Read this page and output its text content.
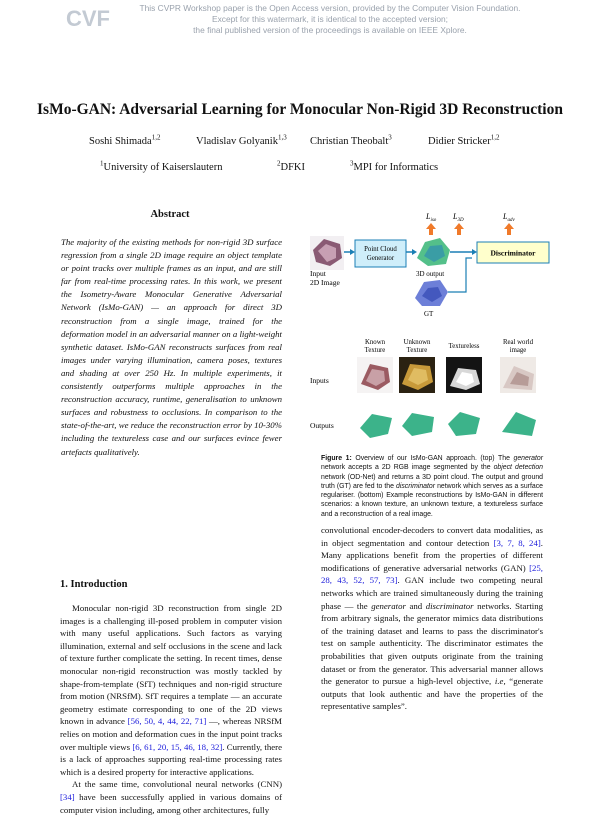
CVF	This CVPR Workshop paper is the Open Access version, provided by the Computer Vision Foundation.
Except for this watermark, it is identical to the accepted version;
the final published version of the proceedings is available on IEEE Xplore.
IsMo-GAN: Adversarial Learning for Monocular Non-Rigid 3D Reconstruction
Soshi Shimada$^{1,2}$	Vladislav Golyanik$^{1,3}$ Christian Theobalt$^3$	Didier Stricker$^{1,2}$
$^1$ University of Kaiserslautern	$^2$ DFKI	$^3$ MPI for Informatics
Abstract
The majority of the existing methods for non-rigid 3D surface regression from a single 2D image require an object template or point tracks over multiple frames as an input, and are still far from real-time processing rates. In this work, we present the Isometry-Aware Monocular Generative Adversarial Network (IsMo-GAN) — an approach for direct 3D reconstruction from a single image, trained for the deformation model in an adversarial manner on a light-weight synthetic dataset. IsMo-GAN reconstructs surfaces from real images under varying illumination, camera poses, textures and shading at over 250 Hz. In multiple experiments, it consistently outperforms multiple approaches in the reconstruction accuracy, runtime, generalisation to unknown surfaces and robustness to occlusions. In comparison to the state-of-the-art, we reduce the reconstruction error by 10-30% including the textureless case and our surfaces evince fewer artefacts qualitatively.
1. Introduction

Monocular non-rigid 3D reconstruction from single 2D images is a challenging ill-posed problem in computer vision with many useful applications. Such factors as varying illumination, external and self occlusions in the scene and lack of texture further complicate the setting. In recent times, dense monocular non-rigid reconstruction was mostly tackled by shape-from-template (SfT) techniques and non-rigid structure from motion (NRSfM). SfT requires a template — an accurate geometry estimate corresponding to one of the 2D views known in advance [56, 50, 4, 44, 22, 71] —, whereas NRSfM relies on motion and deformation cues in the input point tracks over multiple views [6, 61, 20, 15, 46, 18, 32]. Currently, there is a lack of approaches supporting real-time processing rates which is a desired property for interactive applications.

At the same time, convolutional neural networks (CNN) [34] have been successfully applied in various domains of computer vision including, among other architectures, fully

convolutional encoder-decoders to convert data modalities, as in object segmentation and contour detection [3, 7, 8, 24]. Many applications benefit from the properties of different modifications of generative adversarial networks (GAN) [25, 28, 43, 52, 57, 73]. GAN include two competing neural networks which are trained simultaneously during the training phase — the generator and discriminator networks. Starting from arbitrary signals, the generator mimics data distributions of the training dataset and learns to pass the discriminator's test on sample authenticity. The discriminator estimates the probabilities that given outputs originate from the training dataset or from the generator. This adversarial manner allows the generator to pursue a high-level objective, i.e, “generate outputs that look authentic and have the properties of the representative samples”.

Input
2D Image
Point Cloud
Generator
3D output
GT
Discriminator
$L_{iso}$ $L_{3D}$	$L_{adv}$
Known
Texture
Unknown
Texture
Textureless
Real world
image
Inputs
Outputs
Figure 1: Overview of our IsMo-GAN approach. (top) The generator network accepts a 2D RGB image segmented by the object detection network (OD-Net) and returns a 3D point cloud. The output and ground truth (GT) are fed to the discriminator network which serves as a surface regulariser. (bottom) Example reconstructions by IsMo-GAN in different scenarios: a known texture, an unknown texture, a textureless surface and a reconstruction of a real image.
